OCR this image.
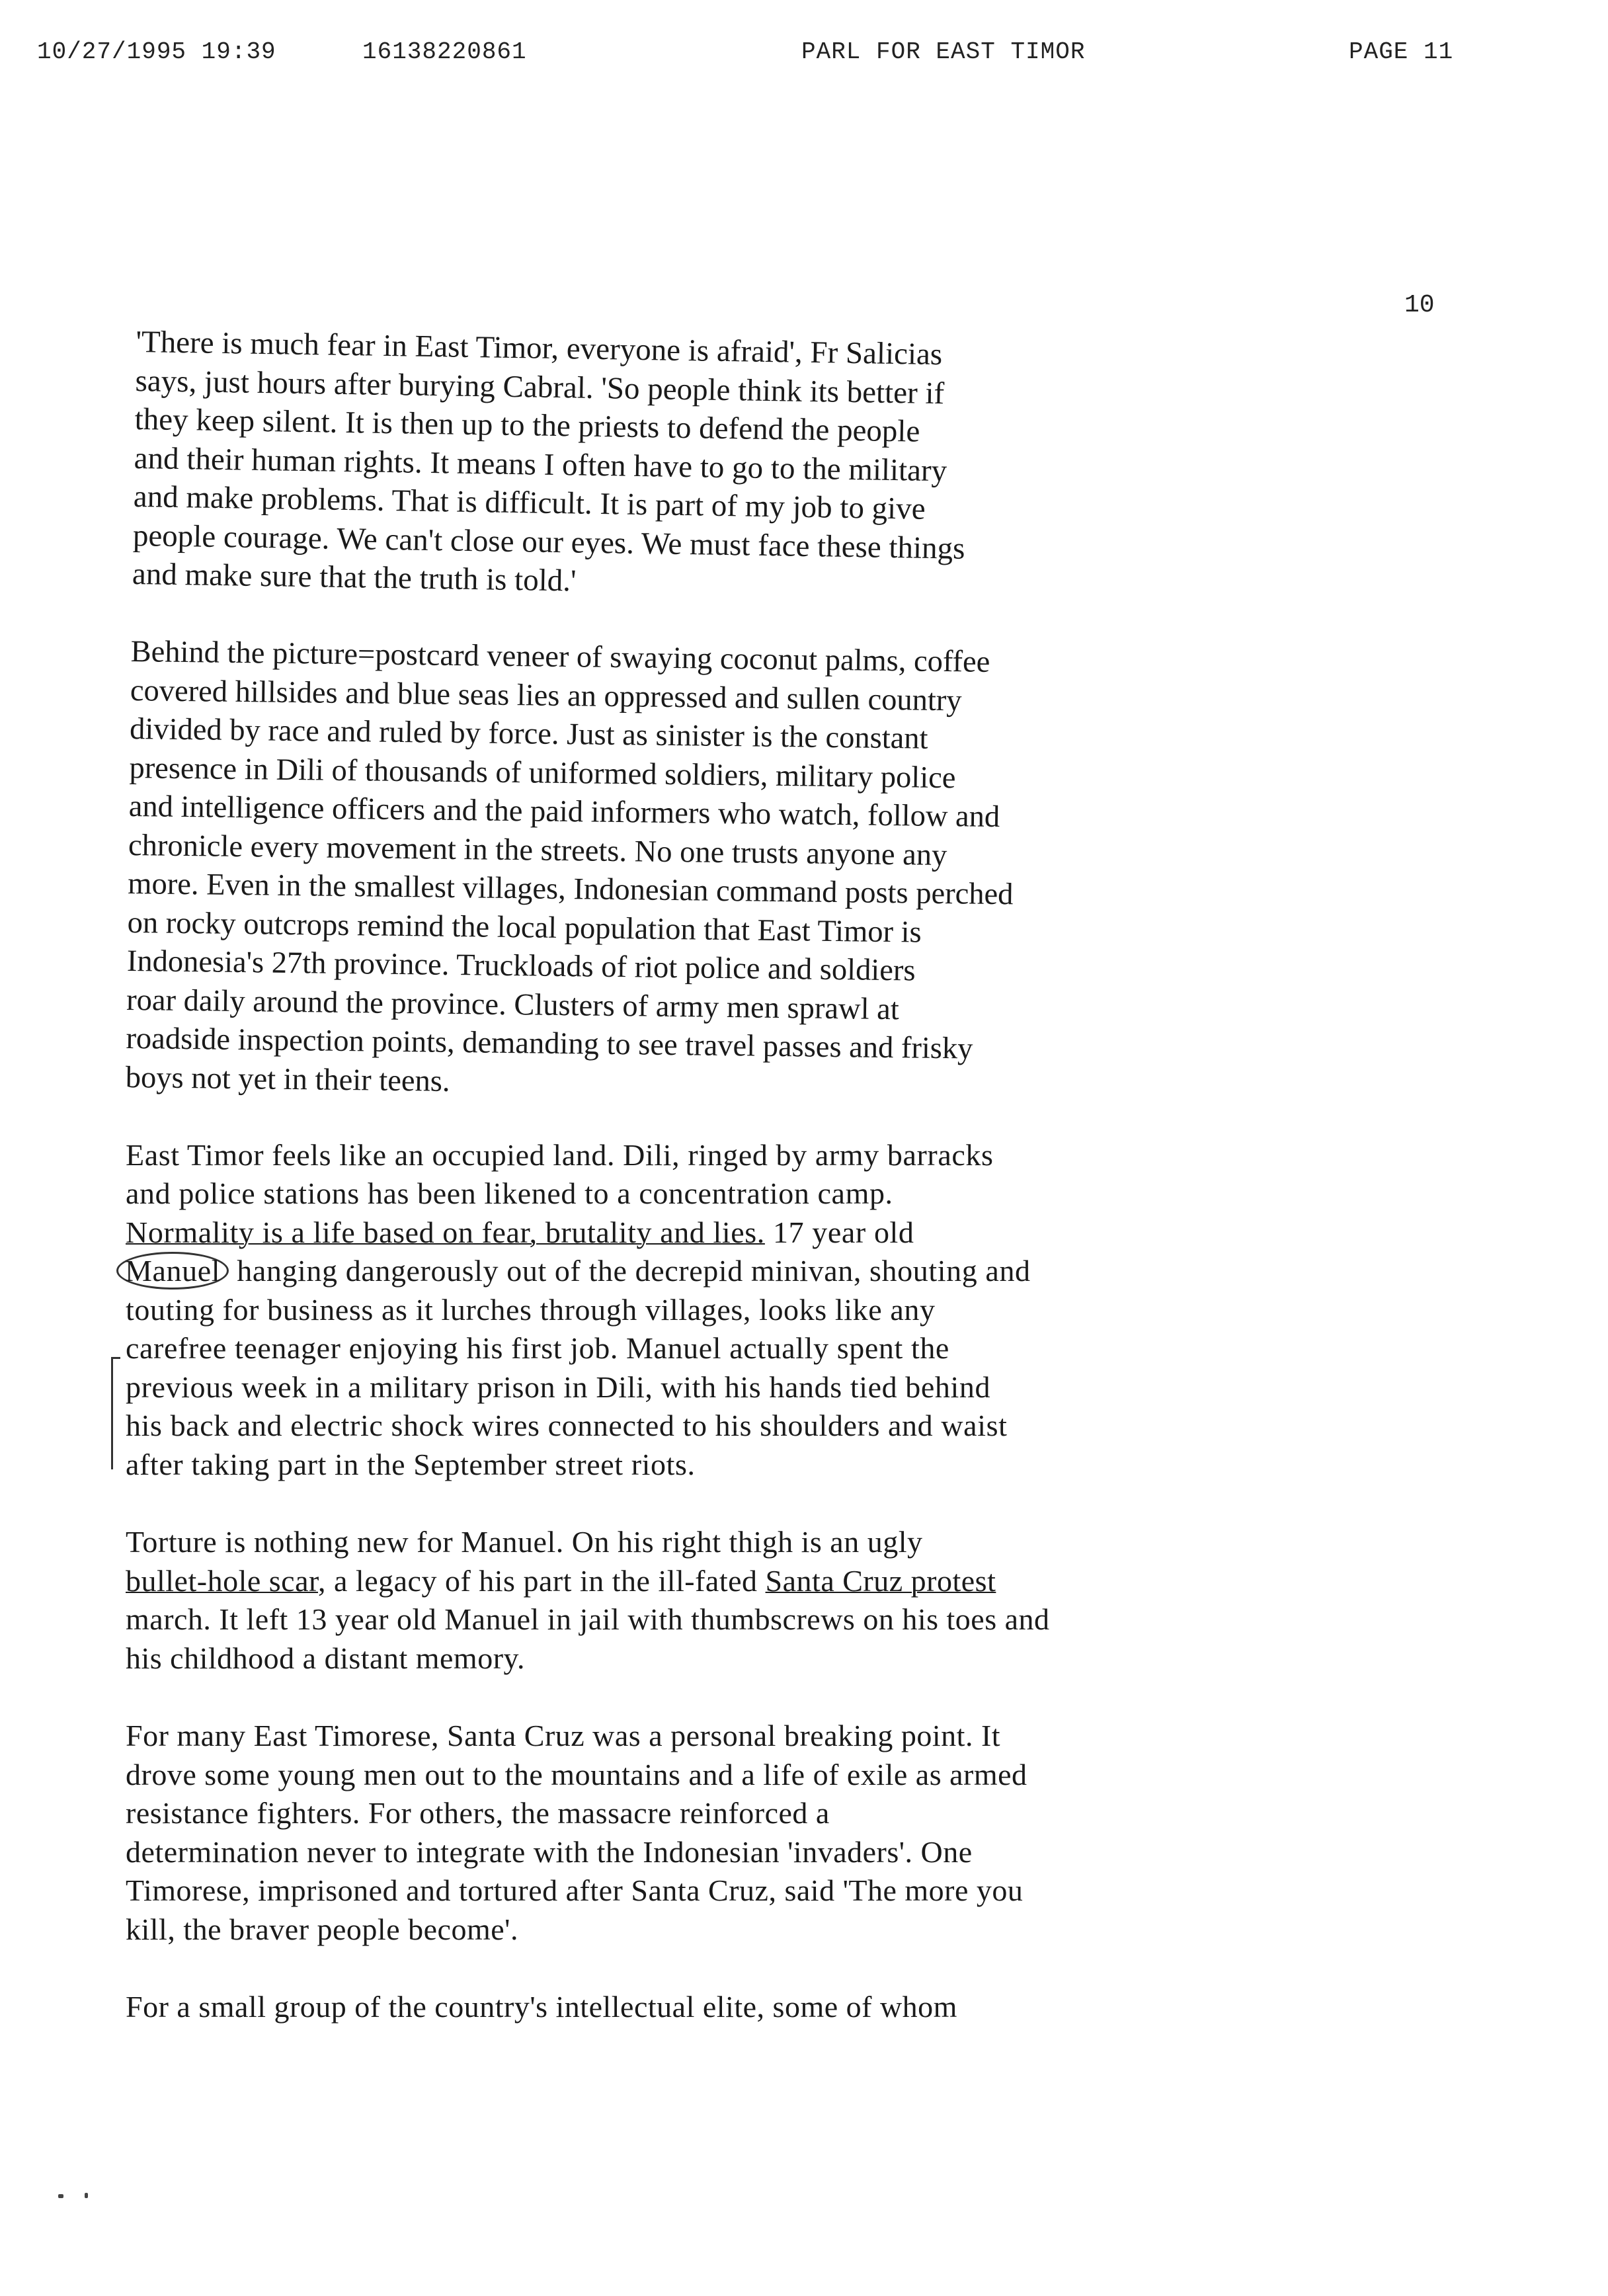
10/27/1995 19:39	16138220861	PARL FOR EAST TIMOR	PAGE 11
10
'There is much fear in East Timor, everyone is afraid', Fr Salicias
says, just hours after burying Cabral. 'So people think its better if
they keep silent. It is then up to the priests to defend the people
and their human rights. It means I often have to go to the military
and make problems. That is difficult. It is part of my job to give
people courage. We can't close our eyes. We must face these things
and make sure that the truth is told.'
Behind the picture=postcard veneer of swaying coconut palms, coffee
covered hillsides and blue seas lies an oppressed and sullen country
divided by race and ruled by force. Just as sinister is the constant
presence in Dili of thousands of uniformed soldiers, military police
and intelligence officers and the paid informers who watch, follow and
chronicle every movement in the streets. No one trusts anyone any
more. Even in the smallest villages, Indonesian command posts perched
on rocky outcrops remind the local population that East Timor is
Indonesia's 27th province. Truckloads of riot police and soldiers
roar daily around the province. Clusters of army men sprawl at
roadside inspection points, demanding to see travel passes and frisky
boys not yet in their teens.
East Timor feels like an occupied land. Dili, ringed by army barracks
and police stations has been likened to a concentration camp.
Normality is a life based on fear, brutality and lies. 17 year old
Manuel hanging dangerously out of the decrepid minivan, shouting and
touting for business as it lurches through villages, looks like any
carefree teenager enjoying his first job. Manuel actually spent the
previous week in a military prison in Dili, with his hands tied behind
his back and electric shock wires connected to his shoulders and waist
after taking part in the September street riots.
Torture is nothing new for Manuel. On his right thigh is an ugly
bullet-hole scar, a legacy of his part in the ill-fated Santa Cruz protest
march. It left 13 year old Manuel in jail with thumbscrews on his toes and
his childhood a distant memory.
For many East Timorese, Santa Cruz was a personal breaking point. It
drove some young men out to the mountains and a life of exile as armed
resistance fighters. For others, the massacre reinforced a
determination never to integrate with the Indonesian 'invaders'. One
Timorese, imprisoned and tortured after Santa Cruz, said 'The more you
kill, the braver people become'.
For a small group of the country's intellectual elite, some of whom
